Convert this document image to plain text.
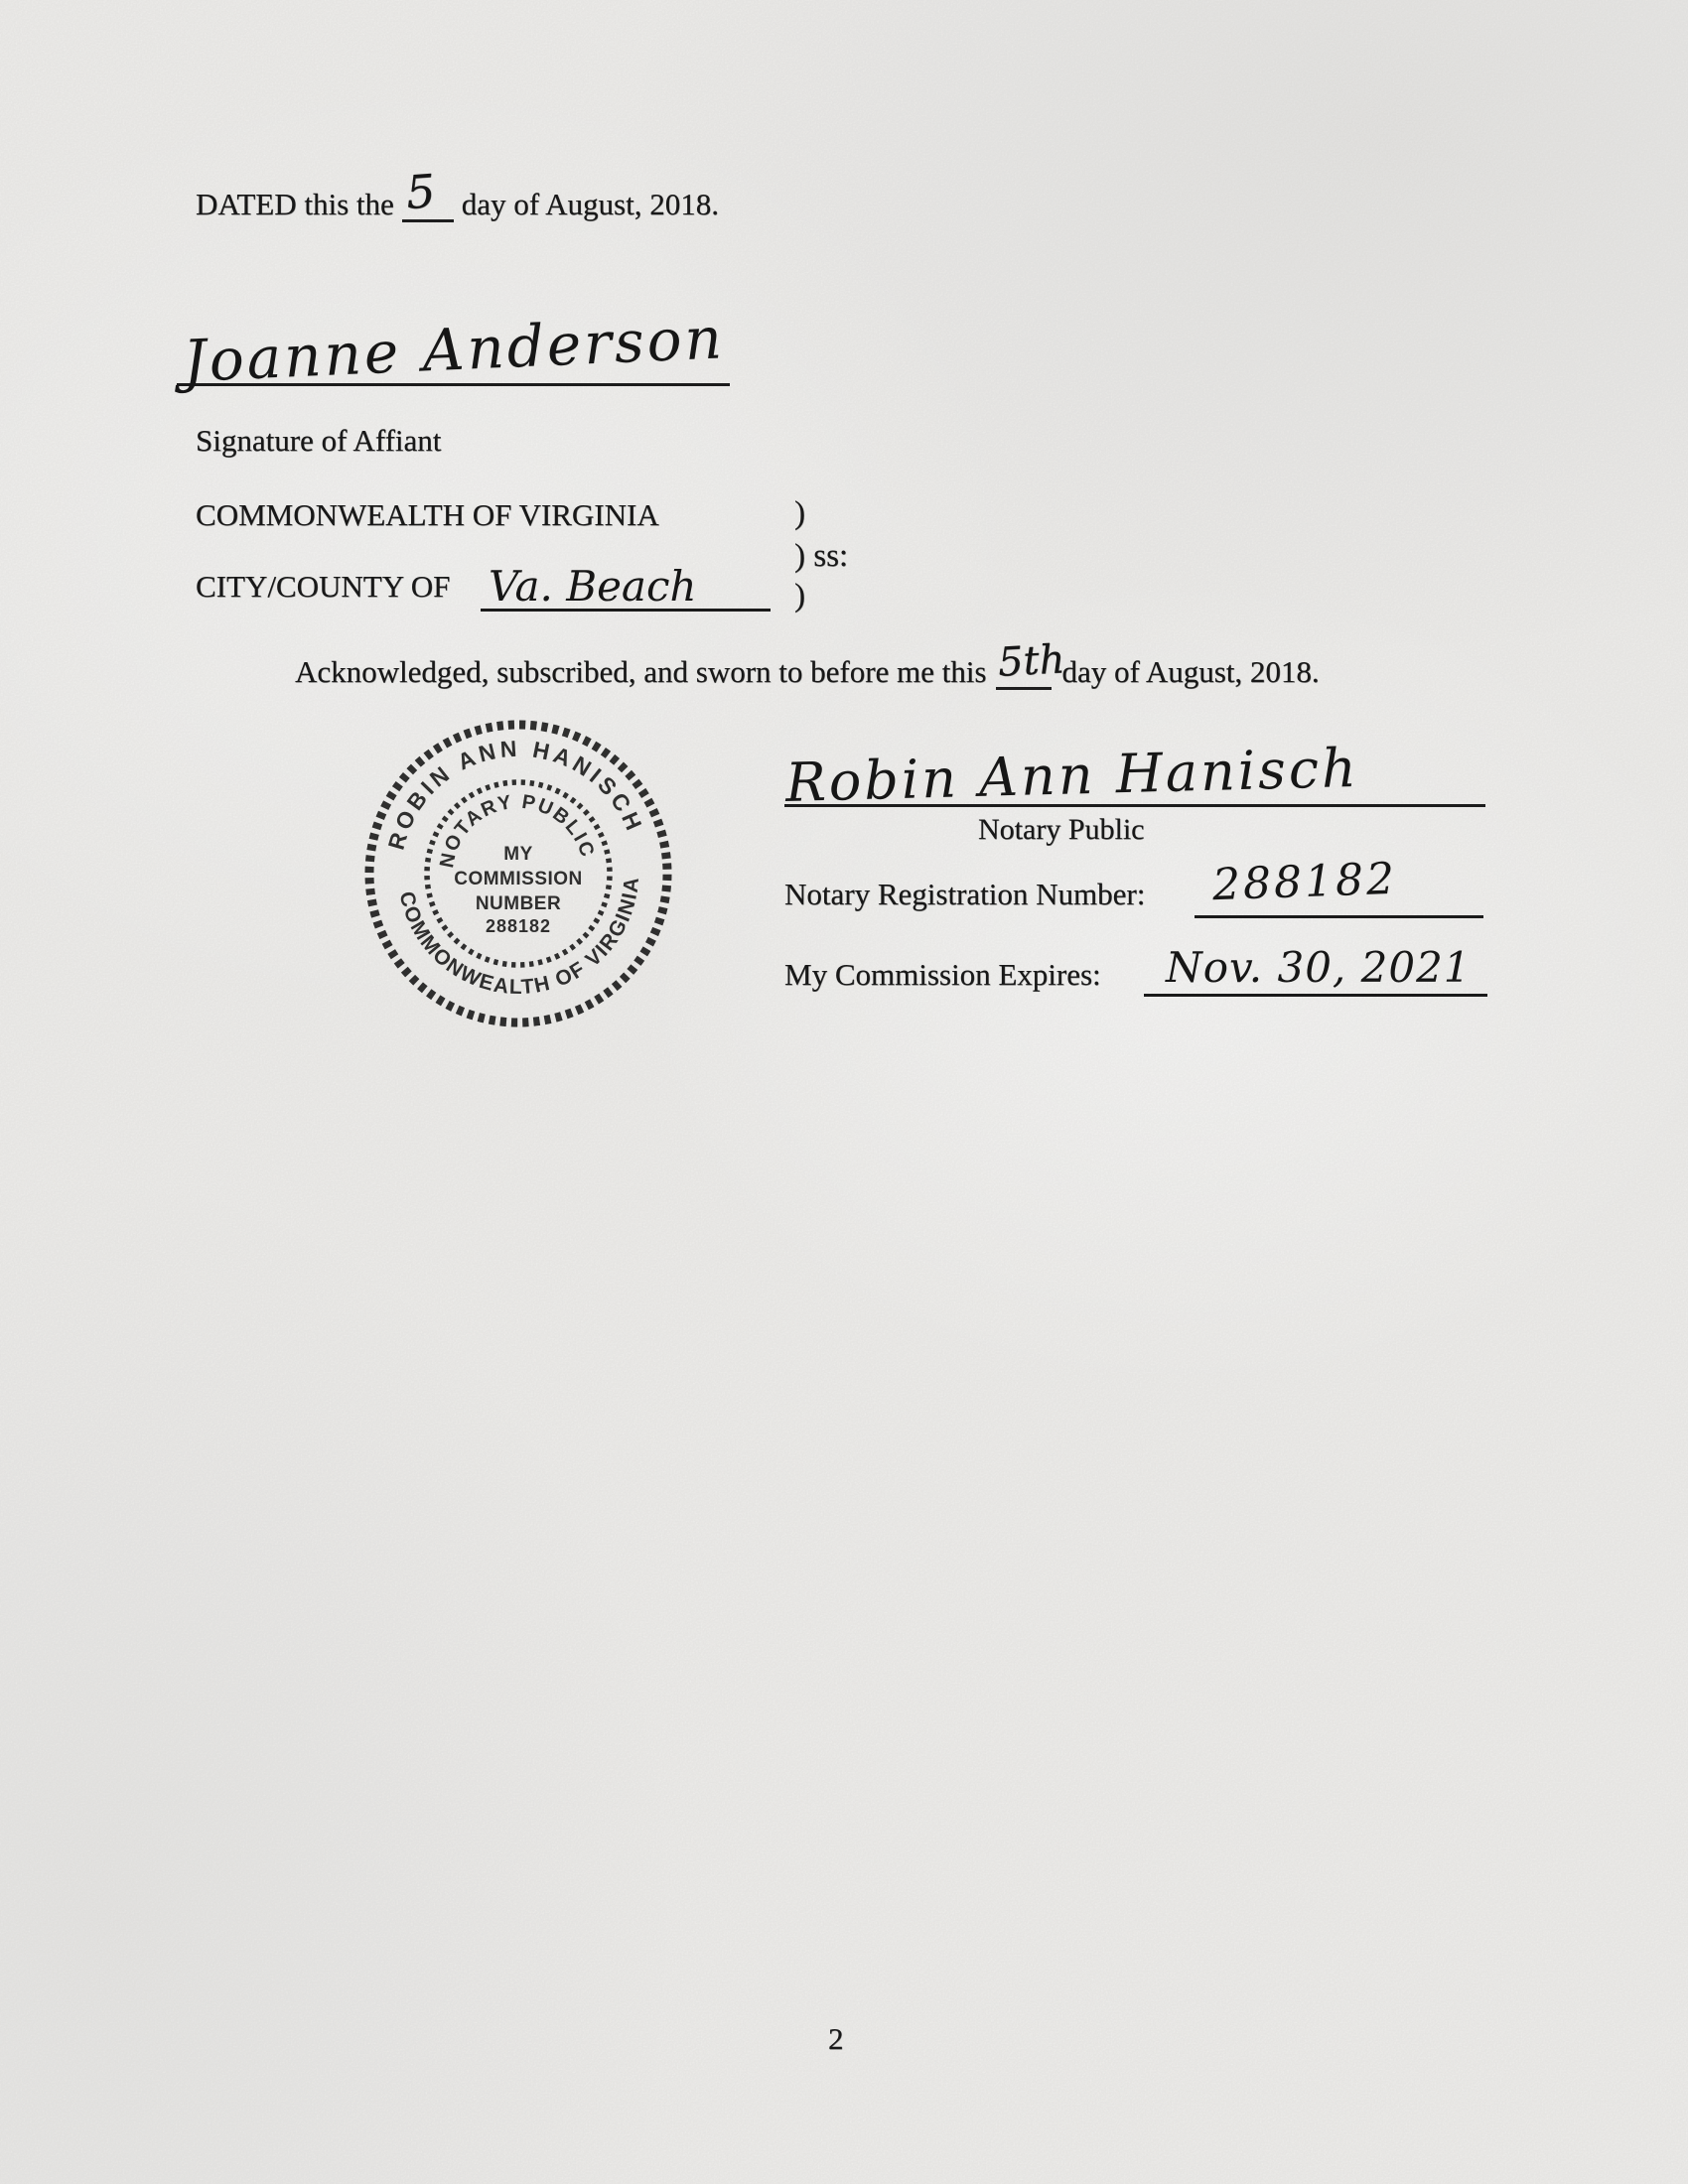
DATED this the 5 day of August, 2018.
Joanne Anderson
Signature of Affiant
COMMONWEALTH OF VIRGINIA	)
) ss:
CITY/COUNTY OF Va. Beach	)
Acknowledged, subscribed, and sworn to before me this 5th
day of August, 2018.
ROBIN ANN HANISCH
COMMONWEALTH OF VIRGINIA
NOTARY PUBLIC
MY
COMMISSION
NUMBER
288182
Robin Ann Hanisch
Notary Public
Notary Registration Number: 288182
My Commission Expires: Nov. 30, 2021
2
